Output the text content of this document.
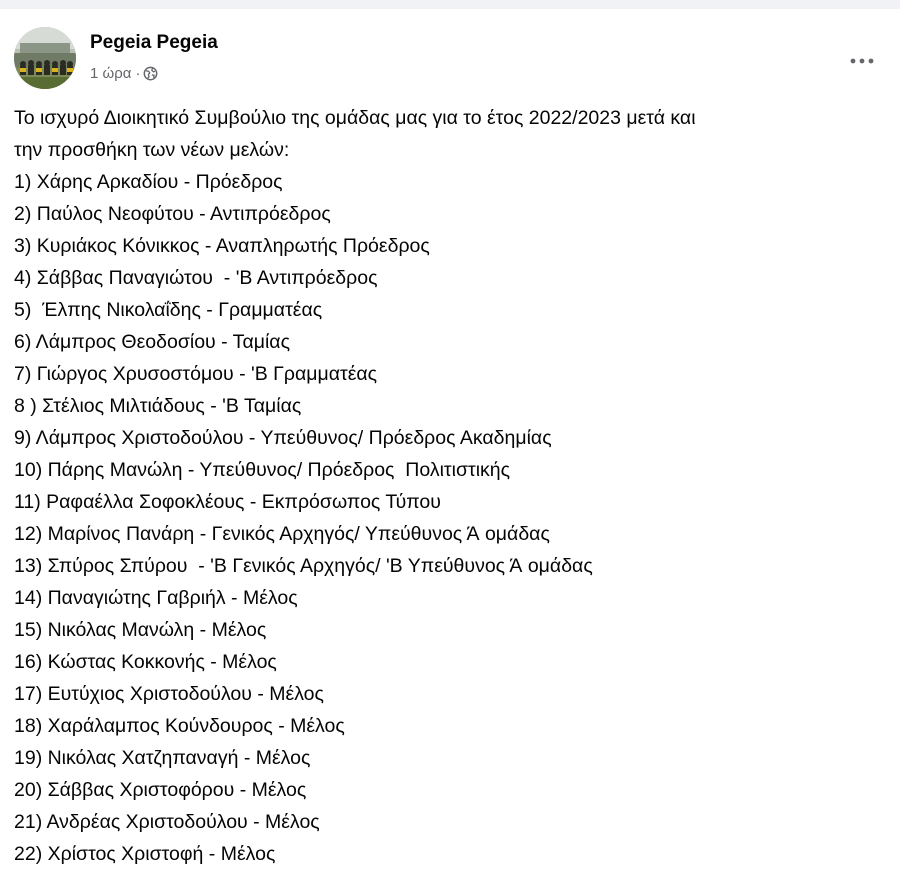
Pegeia Pegeia
1 ώρα ·
Το ισχυρό Διοικητικό Συμβούλιο της ομάδας μας για το έτος 2022/2023 μετά και
την προσθήκη των νέων μελών:
1) Χάρης Αρκαδίου - Πρόεδρος
2) Παύλος Νεοφύτου - Αντιπρόεδρος
3) Κυριάκος Κόνικκος - Αναπληρωτής Πρόεδρος
4) Σάββας Παναγιώτου  - 'Β Αντιπρόεδρος
5)  Έλπης Νικολαΐδης - Γραμματέας
6) Λάμπρος Θεοδοσίου - Ταμίας
7) Γιώργος Χρυσοστόμου - 'Β Γραμματέας
8 ) Στέλιος Μιλτιάδους - 'Β Ταμίας
9) Λάμπρος Χριστοδούλου - Υπεύθυνος/ Πρόεδρος Ακαδημίας
10) Πάρης Μανώλη - Υπεύθυνος/ Πρόεδρος  Πολιτιστικής
11) Ραφαέλλα Σοφοκλέους - Εκπρόσωπος Τύπου
12) Μαρίνος Πανάρη - Γενικός Αρχηγός/ Υπεύθυνος Ά ομάδας
13) Σπύρος Σπύρου  - 'Β Γενικός Αρχηγός/ 'Β Υπεύθυνος Ά ομάδας
14) Παναγιώτης Γαβριήλ - Μέλος
15) Νικόλας Μανώλη - Μέλος
16) Κώστας Κοκκονής - Μέλος
17) Ευτύχιος Χριστοδούλου - Μέλος
18) Χαράλαμπος Κούνδουρος - Μέλος
19) Νικόλας Χατζηπαναγή - Μέλος
20) Σάββας Χριστοφόρου - Μέλος
21) Ανδρέας Χριστοδούλου - Μέλος
22) Χρίστος Χριστοφή - Μέλος
